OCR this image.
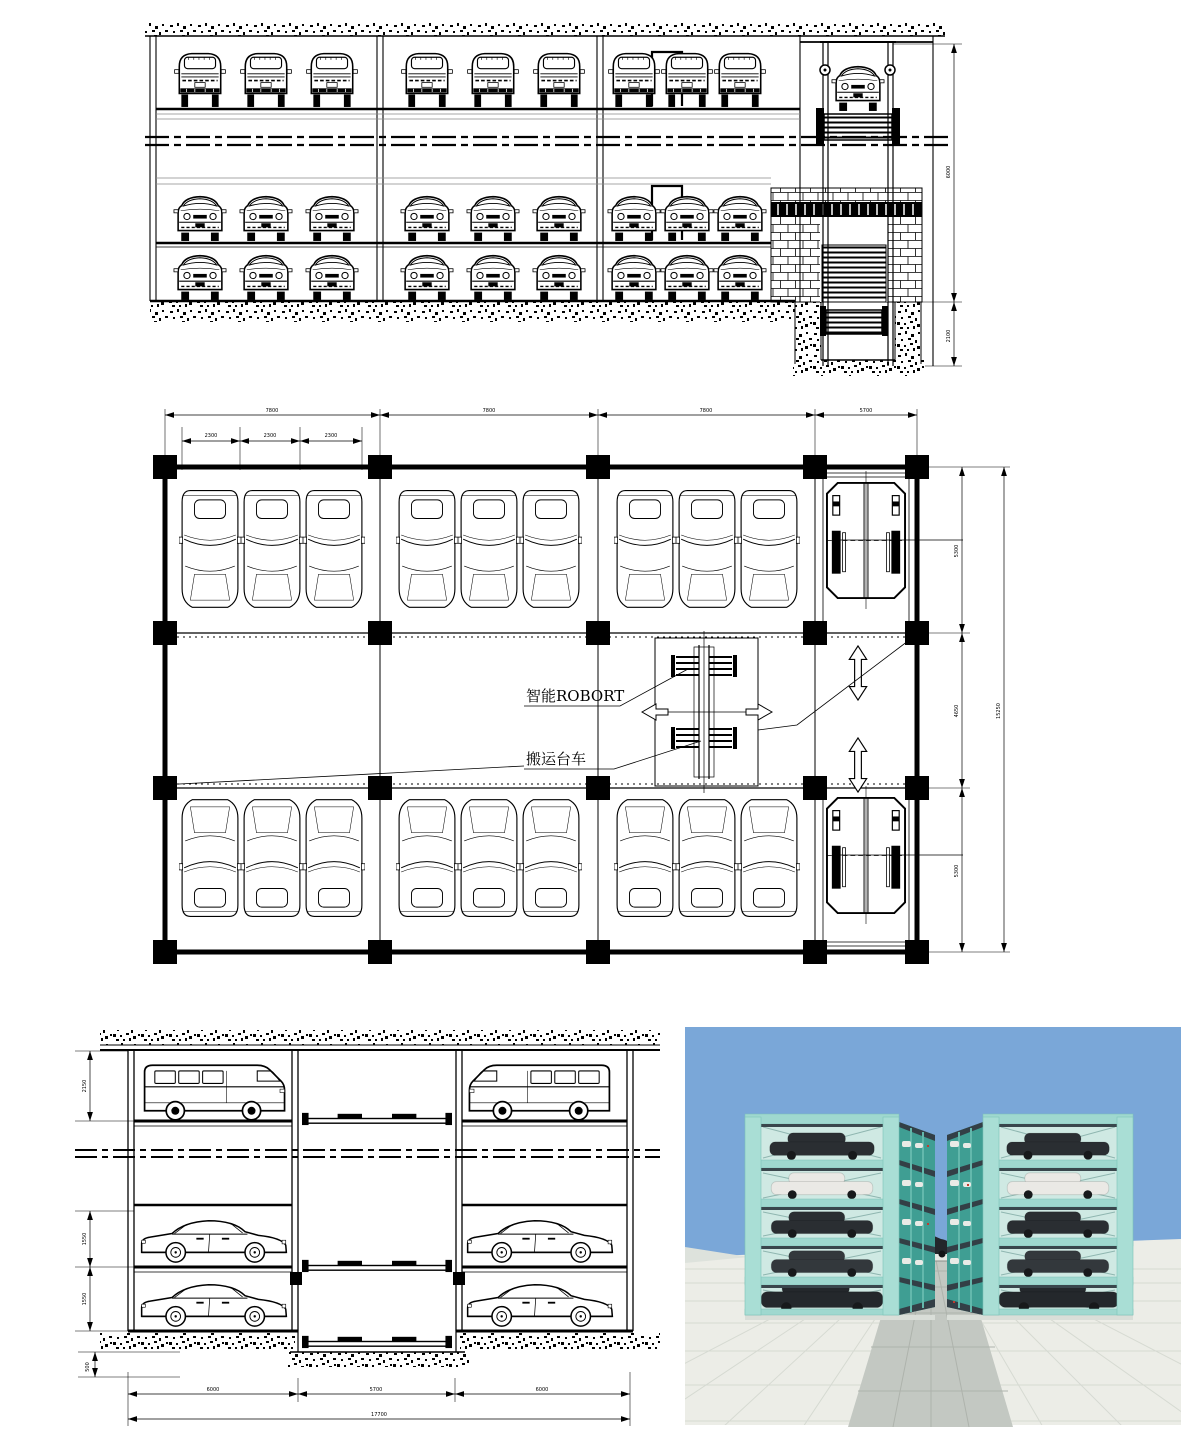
6000
2100
7800	7800	7800	5700
2300	2300	2300
智能ROBORT
搬运台车
5300
4650
5300
15250
2150
1550
1550
500
6000	5700	6000
17700
